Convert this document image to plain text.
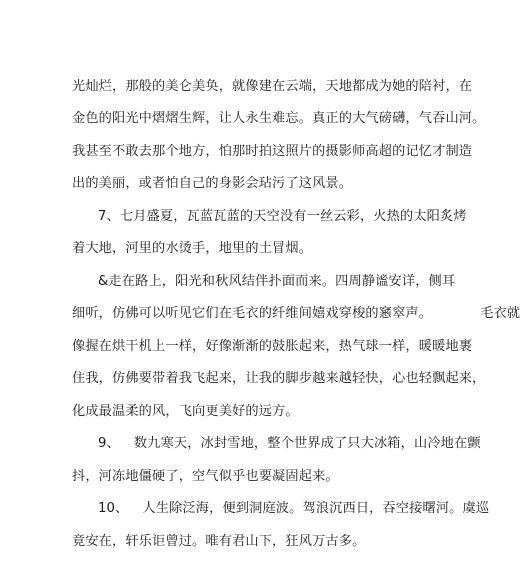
光灿烂，那般的美仑美奂，就像建在云端，天地都成为她的陪衬，在
金色的阳光中熠熠生辉，让人永生难忘。真正的大气磅礴，气吞山河。
我甚至不敢去那个地方，怕那时拍这照片的摄影师高超的记忆才制造
出的美丽，或者怕自己的身影会玷污了这风景。
7、七月盛夏，瓦蓝瓦蓝的天空没有一丝云彩，火热的太阳炙烤
着大地，河里的水烫手，地里的土冒烟。
&走在路上，阳光和秋风结伴扑面而来。四周静谧安详，侧耳
细听，仿佛可以听见它们在毛衣的纤维间嬉戏穿梭的窸窣声。	毛衣就
像握在烘干机上一样，好像渐渐的鼓胀起来，热气球一样，暖暖地裹
住我，仿佛要带着我飞起来，让我的脚步越来越轻快，心也轻飘起来，
化成最温柔的风，飞向更美好的远方。
9、 数九寒天，冰封雪地，整个世界成了只大冰箱，山冷地在颤
抖，河冻地僵硬了，空气似乎也要凝固起来。
10、 人生除泛海，便到洞庭波。驾浪沉西日，吞空接曙河。虞巡
竟安在，轩乐讵曾过。唯有君山下，狂风万古多。
